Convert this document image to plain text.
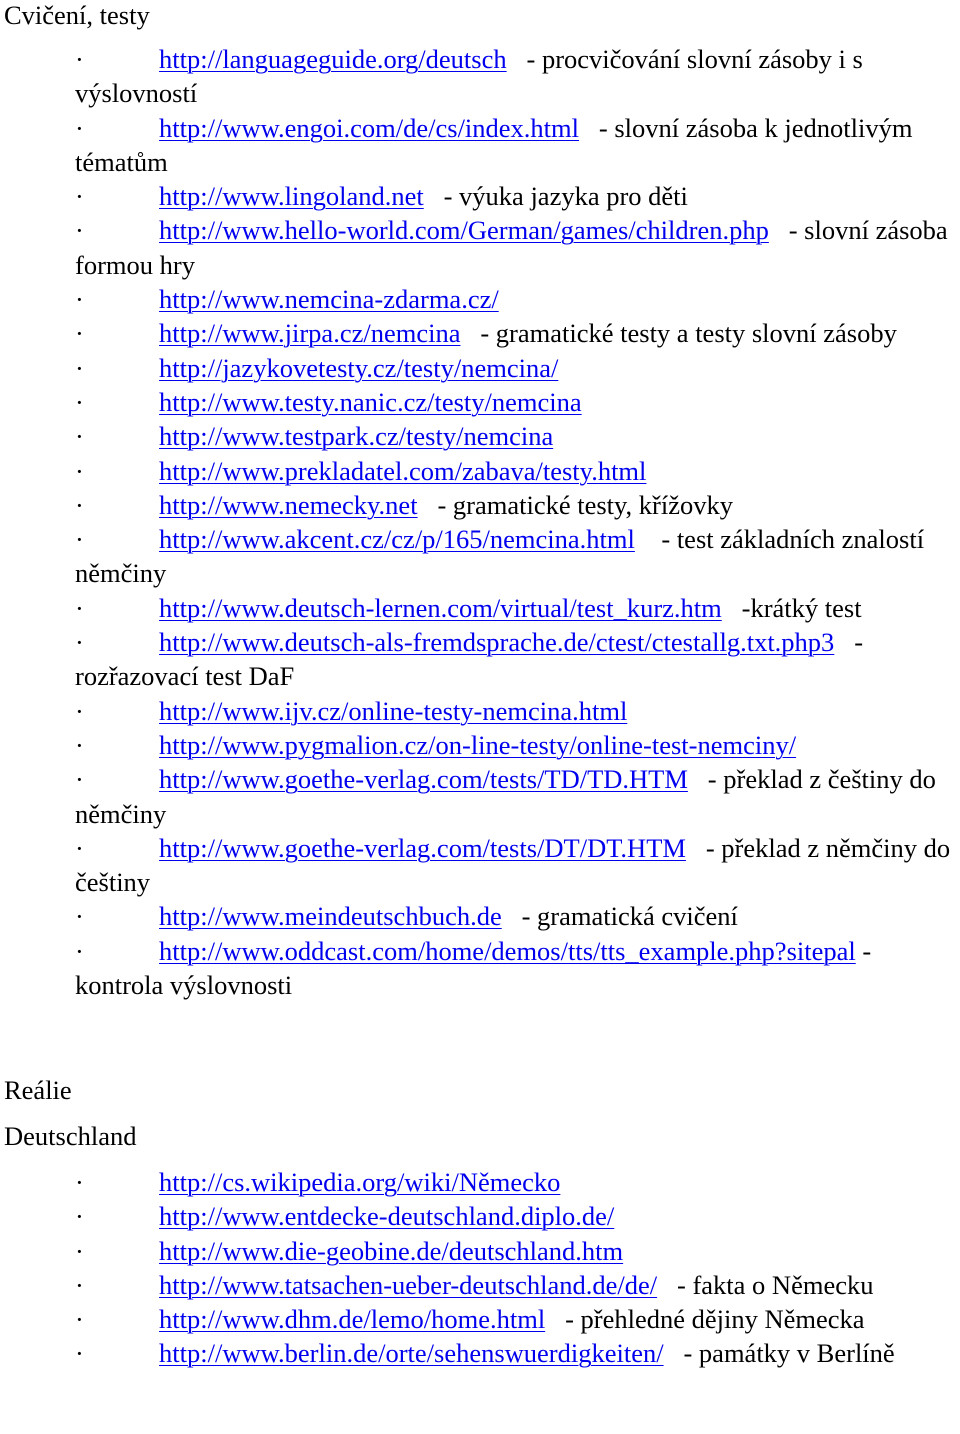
Cvičení, testy
·	http://languageguide.org/deutsch   - procvičování slovní zásoby i s výslovností
·	http://www.engoi.com/de/cs/index.html   - slovní zásoba k jednotlivým tématům
·	http://www.lingoland.net   - výuka jazyka pro děti
·	http://www.hello-world.com/German/games/children.php   - slovní zásoba formou hry
·	http://www.nemcina-zdarma.cz/
·	http://www.jirpa.cz/nemcina   - gramatické testy a testy slovní zásoby
·	http://jazykovetesty.cz/testy/nemcina/
·	http://www.testy.nanic.cz/testy/nemcina
·	http://www.testpark.cz/testy/nemcina
·	http://www.prekladatel.com/zabava/testy.html
·	http://www.nemecky.net   - gramatické testy, křížovky
·	http://www.akcent.cz/cz/p/165/nemcina.html    - test základních znalostí němčiny
·	http://www.deutsch-lernen.com/virtual/test_kurz.htm   -krátký test
·	http://www.deutsch-als-fremdsprache.de/ctest/ctestallg.txt.php3   - rozřazovací test DaF
·	http://www.ijv.cz/online-testy-nemcina.html
·	http://www.pygmalion.cz/on-line-testy/online-test-nemciny/
·	http://www.goethe-verlag.com/tests/TD/TD.HTM   - překlad z češtiny do němčiny
·	http://www.goethe-verlag.com/tests/DT/DT.HTM   - překlad z němčiny do češtiny
·	http://www.meindeutschbuch.de   - gramatická cvičení
·	http://www.oddcast.com/home/demos/tts/tts_example.php?sitepal - kontrola výslovnosti
Reálie
Deutschland
·	http://cs.wikipedia.org/wiki/Německo
·	http://www.entdecke-deutschland.diplo.de/
·	http://www.die-geobine.de/deutschland.htm
·	http://www.tatsachen-ueber-deutschland.de/de/   - fakta o Německu
·	http://www.dhm.de/lemo/home.html   - přehledné dějiny Německa
·	http://www.berlin.de/orte/sehenswuerdigkeiten/   - památky v Berlíně
